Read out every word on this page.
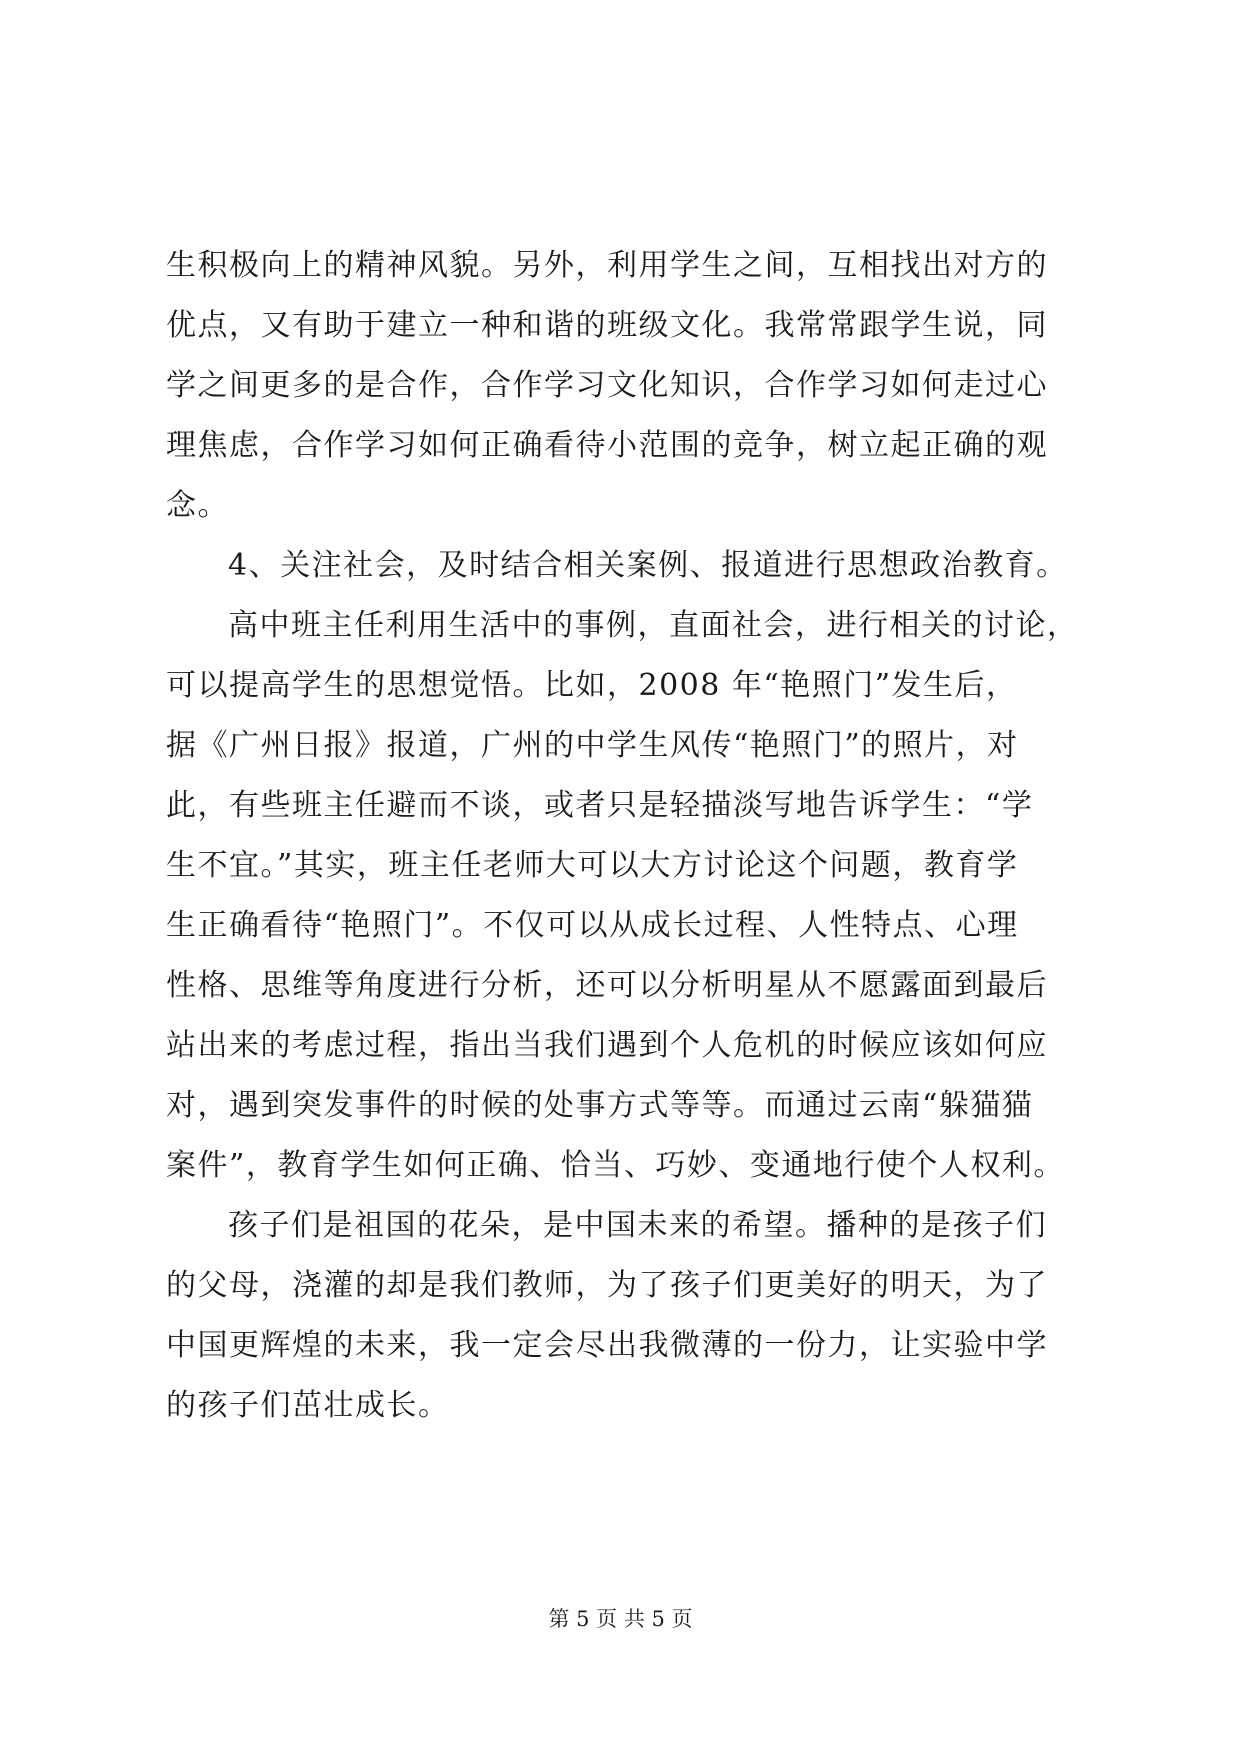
生积极向上的精神风貌。另外，利用学生之间，互相找出对方的
优点，又有助于建立一种和谐的班级文化。我常常跟学生说，同
学之间更多的是合作，合作学习文化知识，合作学习如何走过心
理焦虑，合作学习如何正确看待小范围的竞争，树立起正确的观
念。
4、关注社会，及时结合相关案例、报道进行思想政治教育。
高中班主任利用生活中的事例，直面社会，进行相关的讨论，
可以提高学生的思想觉悟。比如，2008 年“艳照门”发生后，
据《广州日报》报道，广州的中学生风传“艳照门”的照片，对
此，有些班主任避而不谈，或者只是轻描淡写地告诉学生：“学
生不宜。”其实，班主任老师大可以大方讨论这个问题，教育学
生正确看待“艳照门”。不仅可以从成长过程、人性特点、心理
性格、思维等角度进行分析，还可以分析明星从不愿露面到最后
站出来的考虑过程，指出当我们遇到个人危机的时候应该如何应
对，遇到突发事件的时候的处事方式等等。而通过云南“躲猫猫
案件”，教育学生如何正确、恰当、巧妙、变通地行使个人权利。
孩子们是祖国的花朵，是中国未来的希望。播种的是孩子们
的父母，浇灌的却是我们教师，为了孩子们更美好的明天，为了
中国更辉煌的未来，我一定会尽出我微薄的一份力，让实验中学
的孩子们茁壮成长。
第 5 页 共 5 页
